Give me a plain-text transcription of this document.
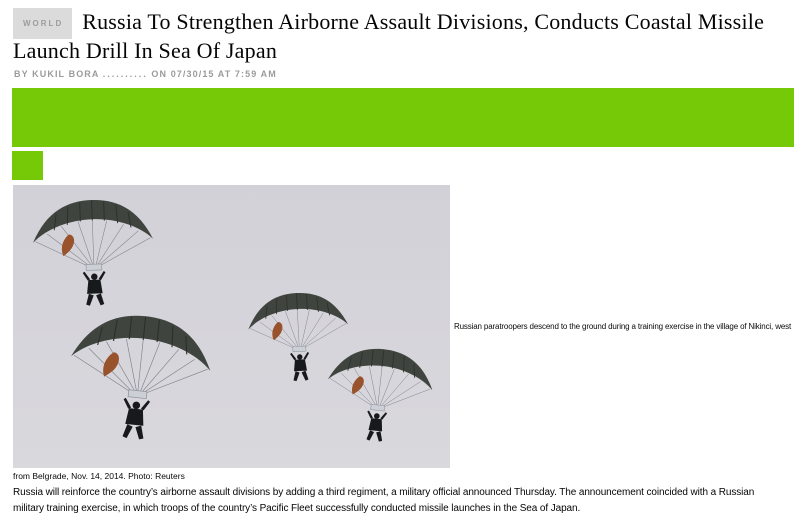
WORLD Russia To Strengthen Airborne Assault Divisions, Conducts Coastal Missile Launch Drill In Sea Of Japan
BY KUKIL BORA .......... ON 07/30/15 AT 7:59 AM
Russian paratroopers descend to the ground during a training exercise in the village of Nikinci, west
from Belgrade, Nov. 14, 2014. Photo: Reuters

Russia will reinforce the country’s airborne assault divisions by adding a third regiment, a military official announced Thursday. The announcement coincided with a Russian military training exercise, in which troops of the country’s Pacific Fleet successfully conducted missile launches in the Sea of Japan.
